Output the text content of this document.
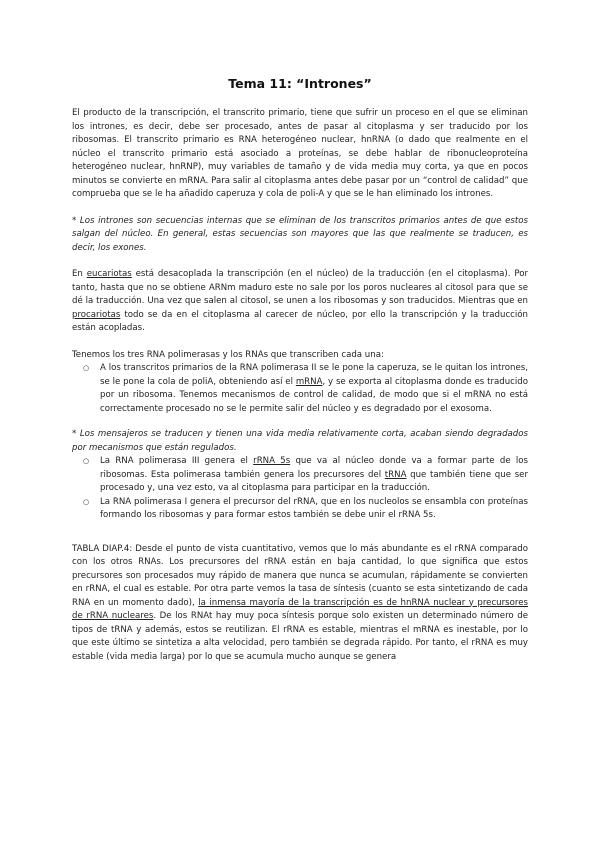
Tema 11: “Intrones”

El producto de la transcripción, el transcrito primario, tiene que sufrir un proceso en el que se eliminan los intrones, es decir, debe ser procesado, antes de pasar al citoplasma y ser traducido por los ribosomas. El transcrito primario es RNA heterogéneo nuclear, hnRNA (o dado que realmente en el núcleo el transcrito primario está asociado a proteínas, se debe hablar de ribonucleoproteína heterogéneo nuclear, hnRNP), muy variables de tamaño y de vida media muy corta, ya que en pocos minutos se convierte en mRNA. Para salir al citoplasma antes debe pasar por un “control de calidad” que comprueba que se le ha añadido caperuza y cola de poli-A y que se le han eliminado los intrones.

* Los intrones son secuencias internas que se eliminan de los transcritos primarios antes de que estos salgan del núcleo. En general, estas secuencias son mayores que las que realmente se traducen, es decir, los exones.

En eucariotas está desacoplada la transcripción (en el núcleo) de la traducción (en el citoplasma). Por tanto, hasta que no se obtiene ARNm maduro este no sale por los poros nucleares al citosol para que se dé la traducción. Una vez que salen al citosol, se unen a los ribosomas y son traducidos. Mientras que en procariotas todo se da en el citoplasma al carecer de núcleo, por ello la transcripción y la traducción están acopladas.

Tenemos los tres RNA polimerasas y los RNAs que transcriben cada una:

○ A los transcritos primarios de la RNA polimerasa II se le pone la caperuza, se le quitan los intrones, se le pone la cola de poliA, obteniendo así el mRNA, y se exporta al citoplasma donde es traducido por un ribosoma. Tenemos mecanismos de control de calidad, de modo que si el mRNA no está correctamente procesado no se le permite salir del núcleo y es degradado por el exosoma.

* Los mensajeros se traducen y tienen una vida media relativamente corta, acaban siendo degradados por mecanismos que están regulados.

○ La RNA polimerasa III genera el rRNA 5s que va al núcleo donde va a formar parte de los ribosomas. Esta polimerasa también genera los precursores del tRNA que también tiene que ser procesado y, una vez esto, va al citoplasma para participar en la traducción.
○ La RNA polimerasa I genera el precursor del rRNA, que en los nucleolos se ensambla con proteínas formando los ribosomas y para formar estos también se debe unir el rRNA 5s.

TABLA DIAP.4: Desde el punto de vista cuantitativo, vemos que lo más abundante es el rRNA comparado con los otros RNAs. Los precursores del rRNA están en baja cantidad, lo que significa que estos precursores son procesados muy rápido de manera que nunca se acumulan, rápidamente se convierten en rRNA, el cual es estable. Por otra parte vemos la tasa de síntesis (cuanto se esta sintetizando de cada RNA en un momento dado), la inmensa mayoría de la transcripción es de hnRNA nuclear y precursores de rRNA nucleares. De los RNAt hay muy poca síntesis porque solo existen un determinado número de tipos de tRNA y además, estos se reutilizan. El rRNA es estable, mientras el mRNA es inestable, por lo que este último se sintetiza a alta velocidad, pero también se degrada rápido. Por tanto, el rRNA es muy estable (vida media larga) por lo que se acumula mucho aunque se genera
